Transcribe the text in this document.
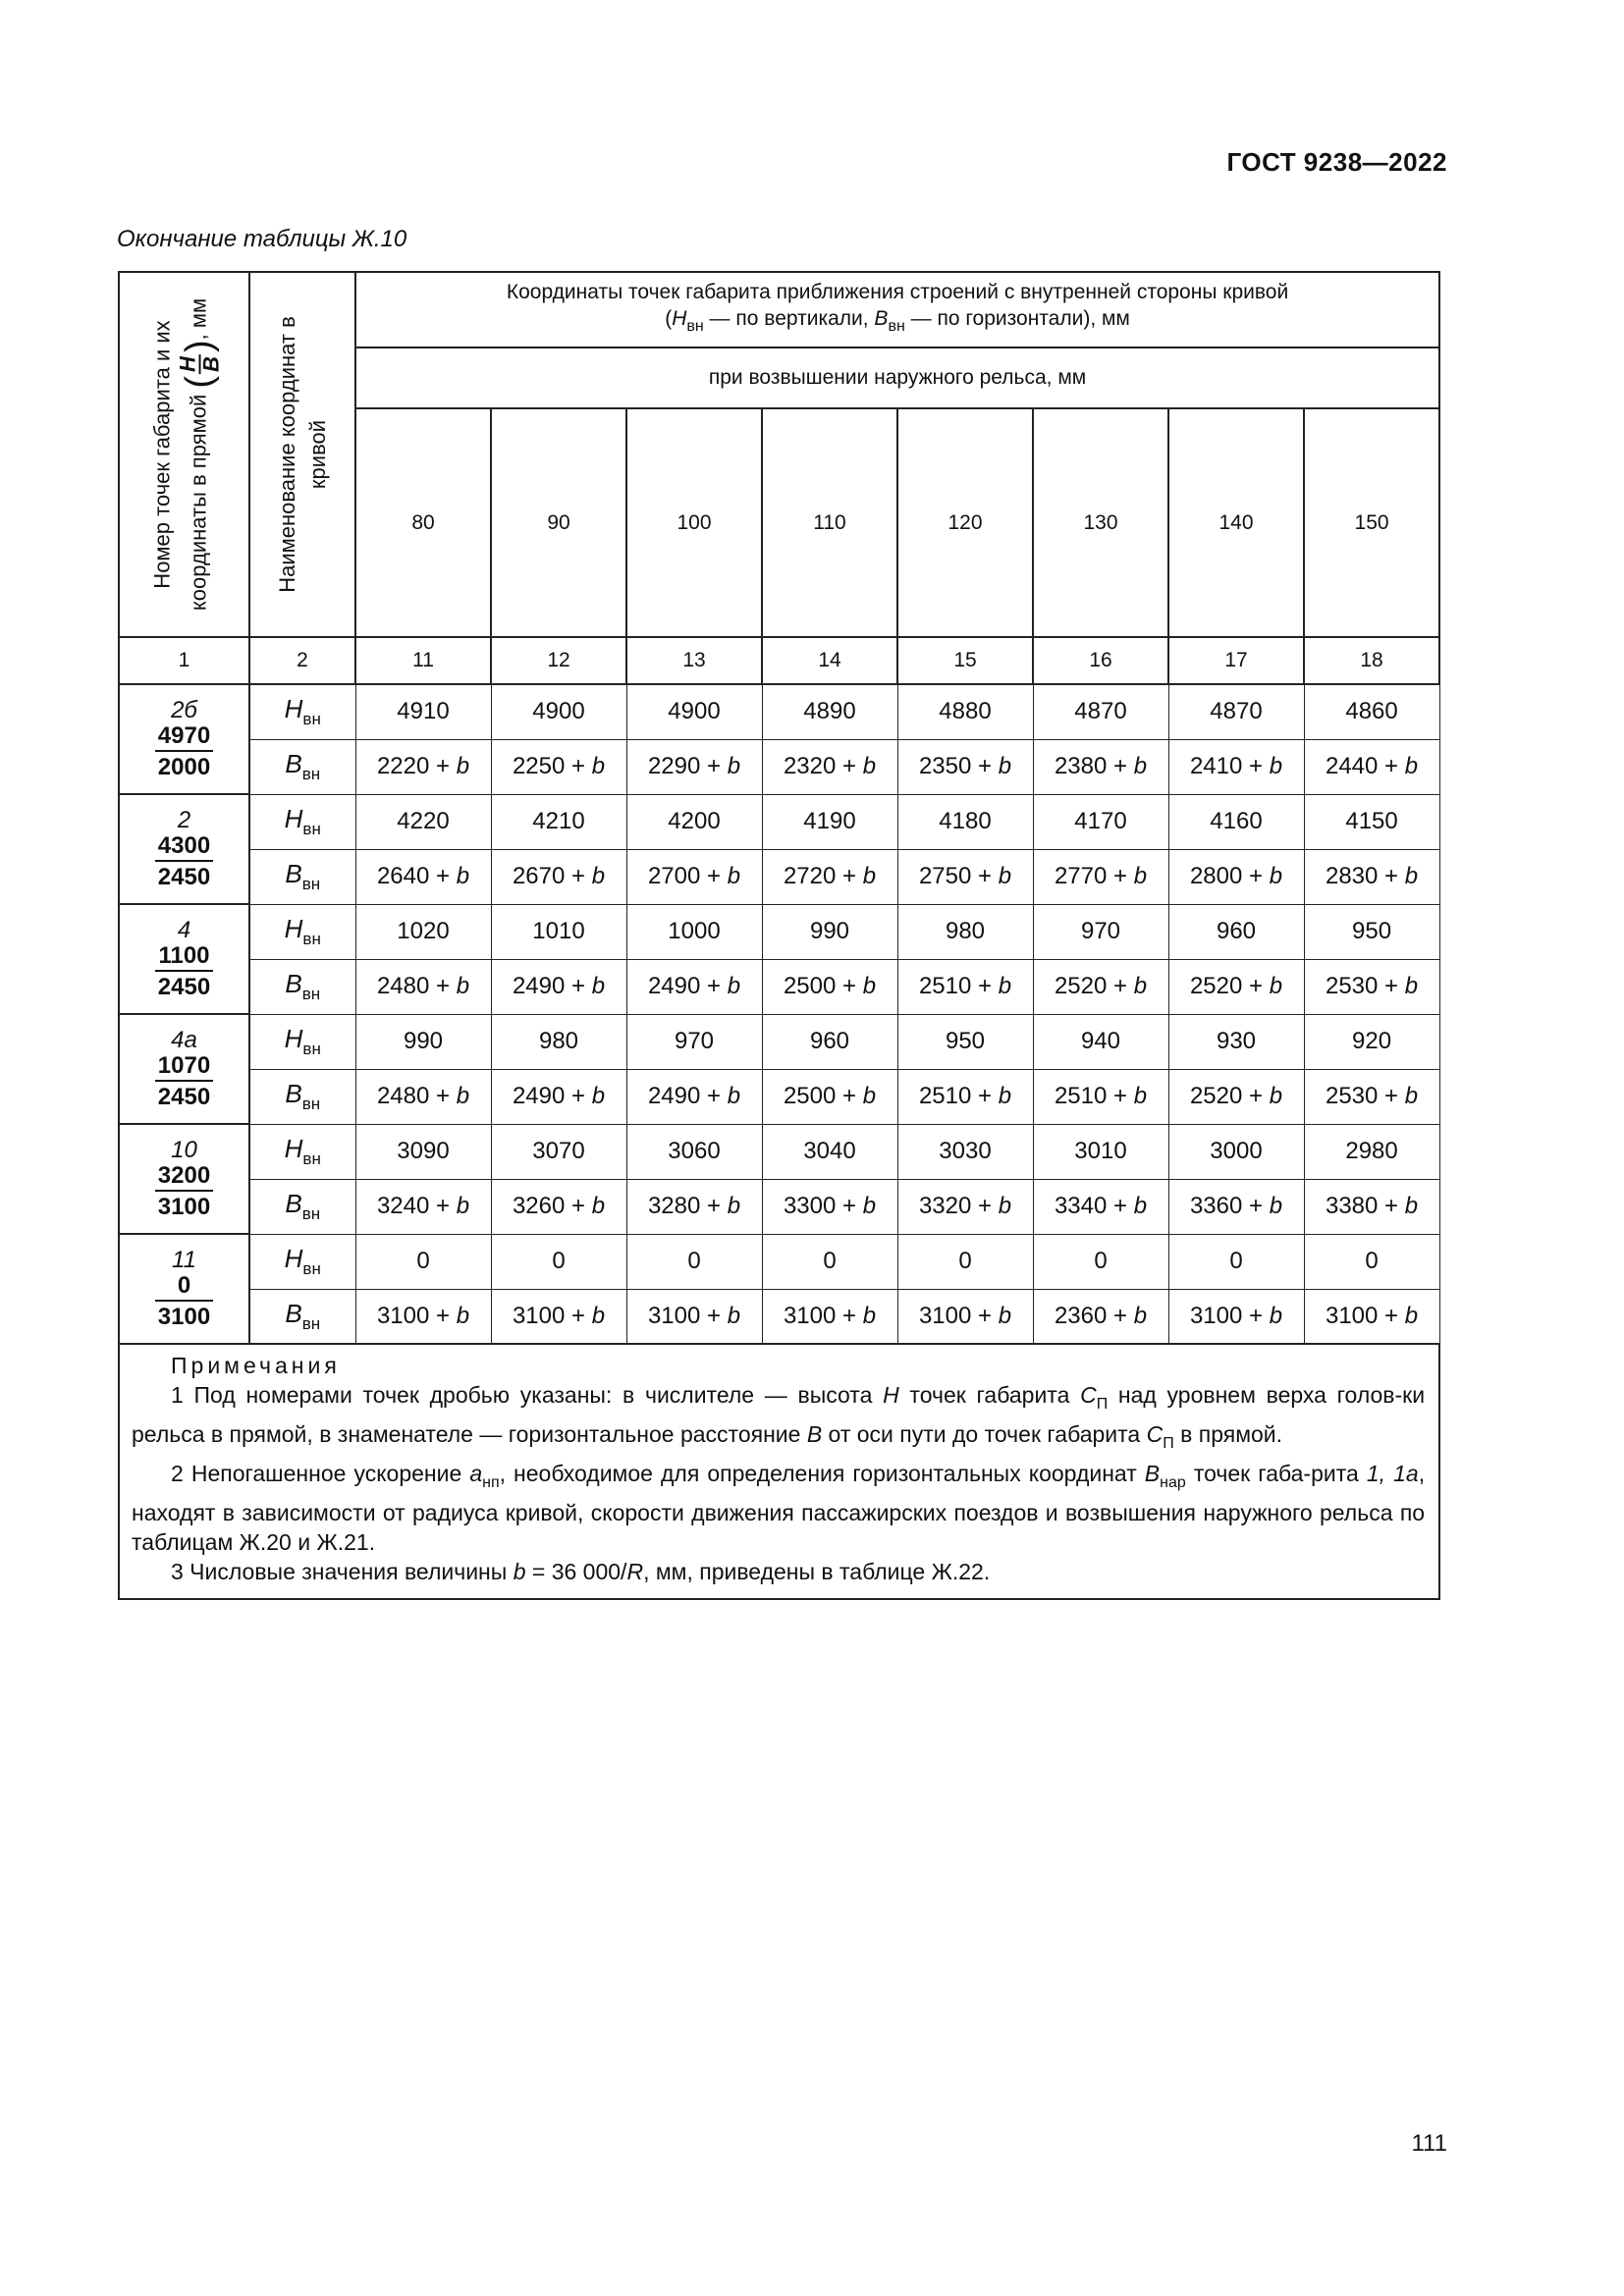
ГОСТ 9238—2022
Окончание таблицы Ж.10
Номер точек габарита и их координаты в прямой (
H B
), мм	Наименование координат в кривой	Координаты точек габарита приближения строений с внутренней стороны кривой
($H_{вн}$ — по вертикали, $B_{вн}$ — по горизонтали), мм							
		при возвышении наружного рельса, мм							
		80	90	100	110	120	130	140	150
1	2	11	12	13	14	15	16	17	18

2б
$\frac{4970}{2000}$	$H_{вн}$	4910	4900	4900	4890	4880	4870	4870	4860
	$B_{вн}$	2220 + b	2250 + b	2290 + b	2320 + b	2350 + b	2380 + b	2410 + b	2440 + b

2
$\frac{4300}{2450}$	$H_{вн}$	4220	4210	4200	4190	4180	4170	4160	4150
	$B_{вн}$	2640 + b	2670 + b	2700 + b	2720 + b	2750 + b	2770 + b	2800 + b	2830 + b

4
$\frac{1100}{2450}$	$H_{вн}$	1020	1010	1000	990	980	970	960	950
	$B_{вн}$	2480 + b	2490 + b	2490 + b	2500 + b	2510 + b	2520 + b	2520 + b	2530 + b

4а
$\frac{1070}{2450}$	$H_{вн}$	990	980	970	960	950	940	930	920
	$B_{вн}$	2480 + b	2490 + b	2490 + b	2500 + b	2510 + b	2510 + b	2520 + b	2530 + b

10
$\frac{3200}{3100}$	$H_{вн}$	3090	3070	3060	3040	3030	3010	3000	2980
	$B_{вн}$	3240 + b	3260 + b	3280 + b	3300 + b	3320 + b	3340 + b	3360 + b	3380 + b

11
$\frac{0}{3100}$	$H_{вн}$	0	0	0	0	0	0	0	0
	$B_{вн}$	3100 + b	3100 + b	3100 + b	3100 + b	3100 + b	2360 + b	3100 + b	3100 + b

Примечания

1 Под номерами точек дробью указаны: в числителе — высота H точек габарита $С_П$ над уровнем верха голов-ки рельса в прямой, в знаменателе — горизонтальное расстояние B от оси пути до точек габарита $С_П$ в прямой.

2 Непогашенное ускорение $a_{нп}$, необходимое для определения горизонтальных координат $B_{нар}$ точек габа-рита 1, 1а, находят в зависимости от радиуса кривой, скорости движения пассажирских поездов и возвышения наружного рельса по таблицам Ж.20 и Ж.21.

3 Числовые значения величины b = 36 000/R, мм, приведены в таблице Ж.22.									

111
